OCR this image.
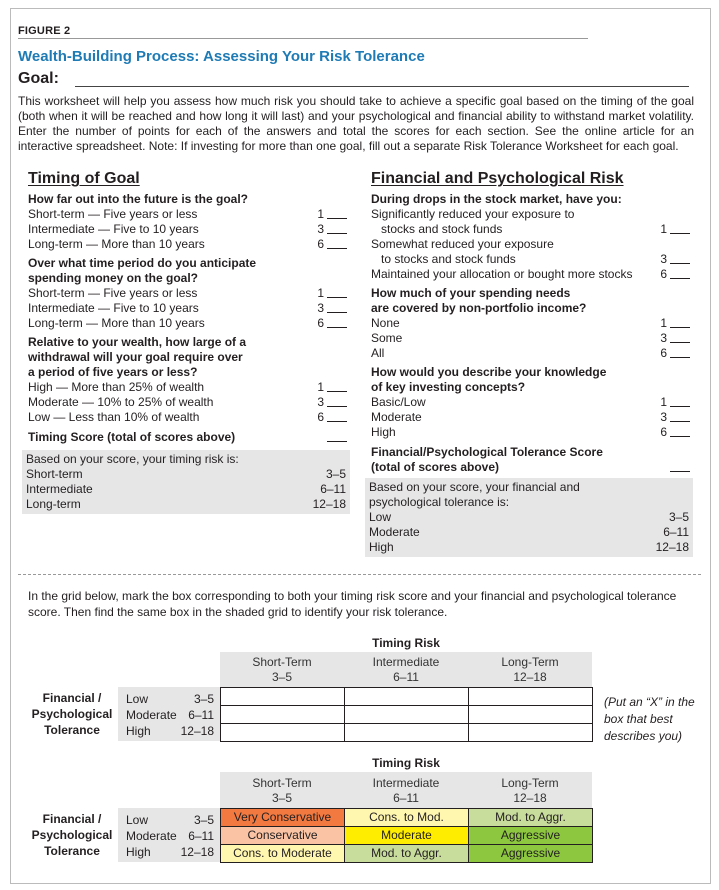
FIGURE 2
Wealth-Building Process: Assessing Your Risk Tolerance
Goal:
This worksheet will help you assess how much risk you should take to achieve a specific goal based on the timing of the goal (both when it will be reached and how long it will last) and your psychological and financial ability to withstand market volatility. Enter the number of points for each of the answers and total the scores for each section. See the online article for an interactive spreadsheet. Note: If investing for more than one goal, fill out a separate Risk Tolerance Worksheet for each goal.
Timing of Goal
How far out into the future is the goal?
Short-term — Five years or less	1
Intermediate — Five to 10 years	3
Long-term — More than 10 years	6
Over what time period do you anticipate
spending money on the goal?
Short-term — Five years or less	1
Intermediate — Five to 10 years	3
Long-term — More than 10 years	6
Relative to your wealth, how large of a
withdrawal will your goal require over
a period of five years or less?
High — More than 25% of wealth	1
Moderate — 10% to 25% of wealth	3
Low — Less than 10% of wealth	6
Timing Score (total of scores above)
Based on your score, your timing risk is:
Short-term	3–5
Intermediate	6–11
Long-term	12–18
Financial and Psychological Risk
During drops in the stock market, have you:
Significantly reduced your exposure to
stocks and stock funds	1
Somewhat reduced your exposure
to stocks and stock funds	3
Maintained your allocation or bought more stocks 6
How much of your spending needs
are covered by non-portfolio income?
None	1
Some	3
All	6
How would you describe your knowledge
of key investing concepts?
Basic/Low	1
Moderate	3
High	6
Financial/Psychological Tolerance Score
(total of scores above)
Based on your score, your financial and
psychological tolerance is:
Low	3–5
Moderate	6–11
High	12–18
In the grid below, mark the box corresponding to both your timing risk score and your financial and psychological tolerance score. Then find the same box in the shaded grid to identify your risk tolerance.
Timing Risk
Short-Term
3–5
Intermediate
6–11
Long-Term
12–18
Financial /
Psychological
Tolerance
Low	3–5
Moderate 6–11
High 12–18
(Put an “X” in the
box that best
describes you)
Timing Risk
Short-Term
3–5
Intermediate
6–11
Long-Term
12–18
Financial /
Psychological
Tolerance
Low	3–5
Moderate 6–11
High 12–18
Very Conservative	Cons. to Mod.	Mod. to Aggr.
Conservative	Moderate	Aggressive
Cons. to Moderate	Mod. to Aggr.	Aggressive
